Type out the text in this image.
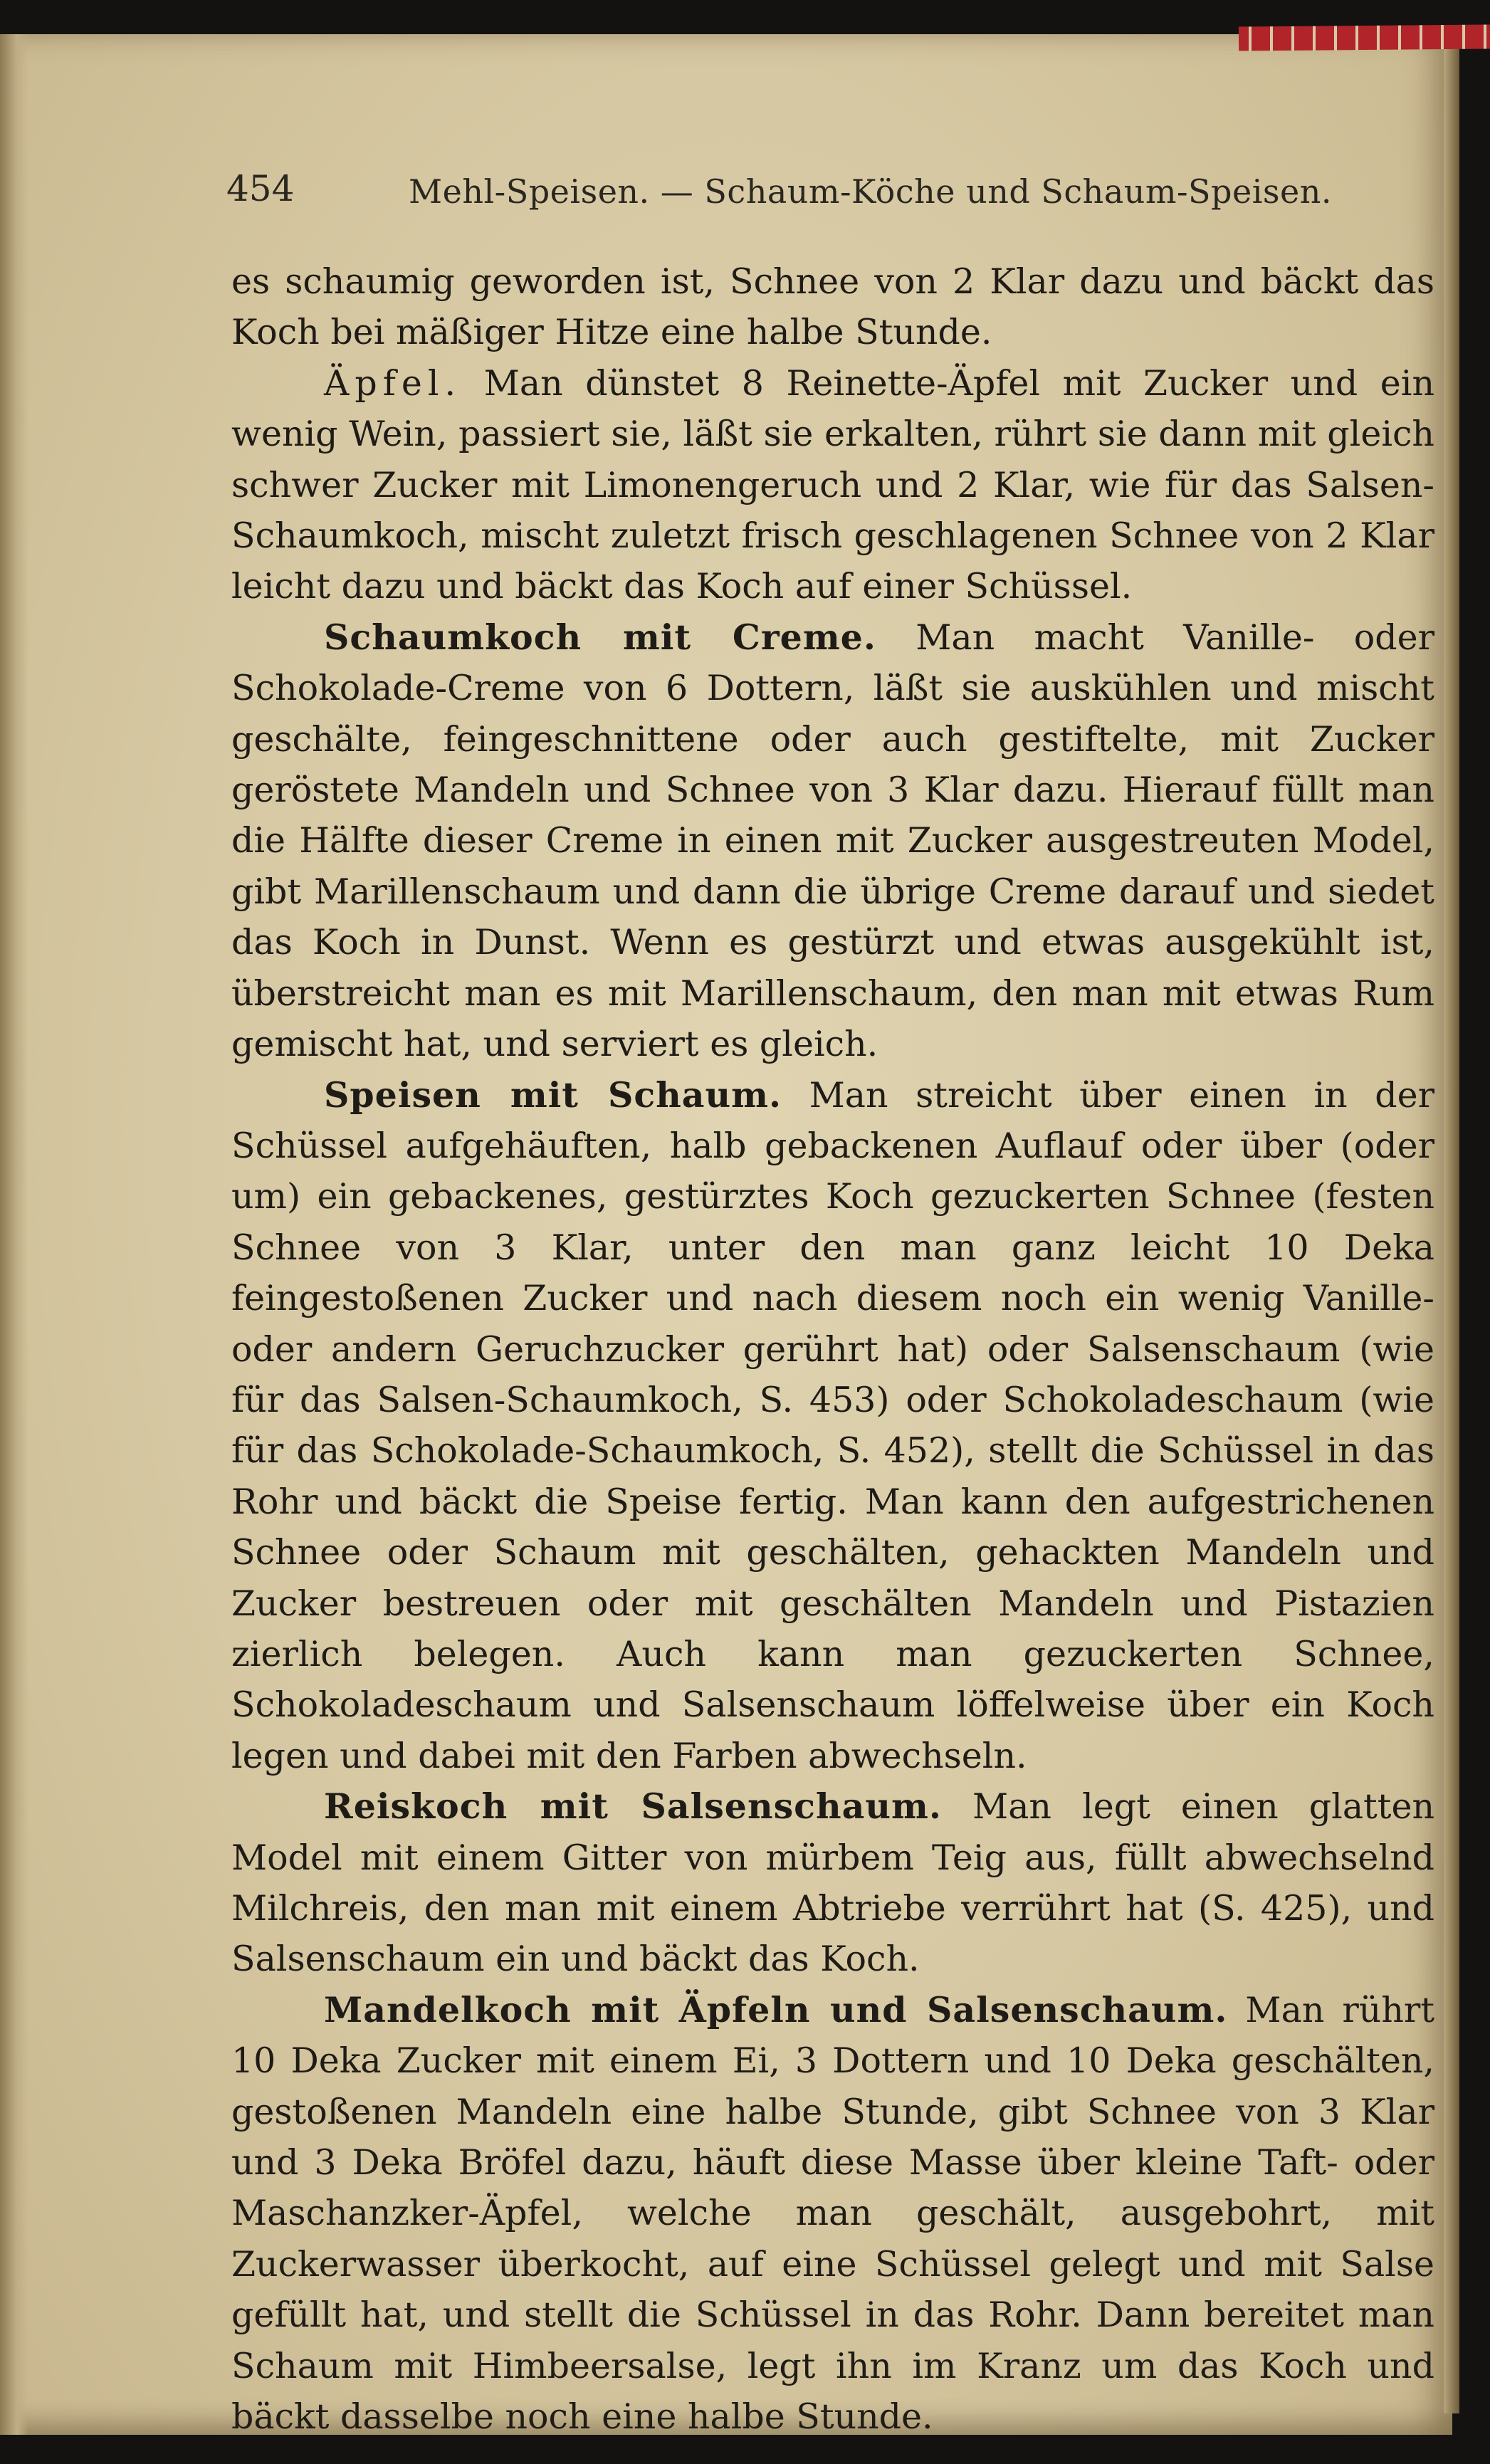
454	Mehl-Speisen. — Schaum-Köche und Schaum-Speisen.

es schaumig geworden ist, Schnee von 2 Klar dazu und bäckt das Koch bei mäßiger Hitze eine halbe Stunde.

Äpfel. Man dünstet 8 Reinette-Äpfel mit Zucker und ein wenig Wein, passiert sie, läßt sie erkalten, rührt sie dann mit gleich schwer Zucker mit Limonengeruch und 2 Klar, wie für das Salsen-Schaumkoch, mischt zuletzt frisch geschlagenen Schnee von 2 Klar leicht dazu und bäckt das Koch auf einer Schüssel.

Schaumkoch mit Creme. Man macht Vanille- oder Schokolade-Creme von 6 Dottern, läßt sie auskühlen und mischt geschälte, feingeschnittene oder auch gestiftelte, mit Zucker geröstete Mandeln und Schnee von 3 Klar dazu. Hierauf füllt man die Hälfte dieser Creme in einen mit Zucker ausgestreuten Model, gibt Marillenschaum und dann die übrige Creme darauf und siedet das Koch in Dunst. Wenn es gestürzt und etwas ausgekühlt ist, überstreicht man es mit Marillenschaum, den man mit etwas Rum gemischt hat, und serviert es gleich.

Speisen mit Schaum. Man streicht über einen in der Schüssel aufgehäuften, halb gebackenen Auflauf oder über (oder um) ein gebackenes, gestürztes Koch gezuckerten Schnee (festen Schnee von 3 Klar, unter den man ganz leicht 10 Deka feingestoßenen Zucker und nach diesem noch ein wenig Vanille- oder andern Geruchzucker gerührt hat) oder Salsenschaum (wie für das Salsen-Schaumkoch, S. 453) oder Schokoladeschaum (wie für das Schokolade-Schaumkoch, S. 452), stellt die Schüssel in das Rohr und bäckt die Speise fertig. Man kann den aufgestrichenen Schnee oder Schaum mit geschälten, gehackten Mandeln und Zucker bestreuen oder mit geschälten Mandeln und Pistazien zierlich belegen. Auch kann man gezuckerten Schnee, Schokoladeschaum und Salsenschaum löffelweise über ein Koch legen und dabei mit den Farben abwechseln.

Reiskoch mit Salsenschaum. Man legt einen glatten Model mit einem Gitter von mürbem Teig aus, füllt abwechselnd Milchreis, den man mit einem Abtriebe verrührt hat (S. 425), und Salsenschaum ein und bäckt das Koch.

Mandelkoch mit Äpfeln und Salsenschaum. Man rührt 10 Deka Zucker mit einem Ei, 3 Dottern und 10 Deka geschälten, gestoßenen Mandeln eine halbe Stunde, gibt Schnee von 3 Klar und 3 Deka Bröfel dazu, häuft diese Masse über kleine Taft- oder Maschanzker-Äpfel, welche man geschält, ausgebohrt, mit Zuckerwasser überkocht, auf eine Schüssel gelegt und mit Salse gefüllt hat, und stellt die Schüssel in das Rohr. Dann bereitet man Schaum mit Himbeersalse, legt ihn im Kranz um das Koch und bäckt dasselbe noch eine halbe Stunde.
